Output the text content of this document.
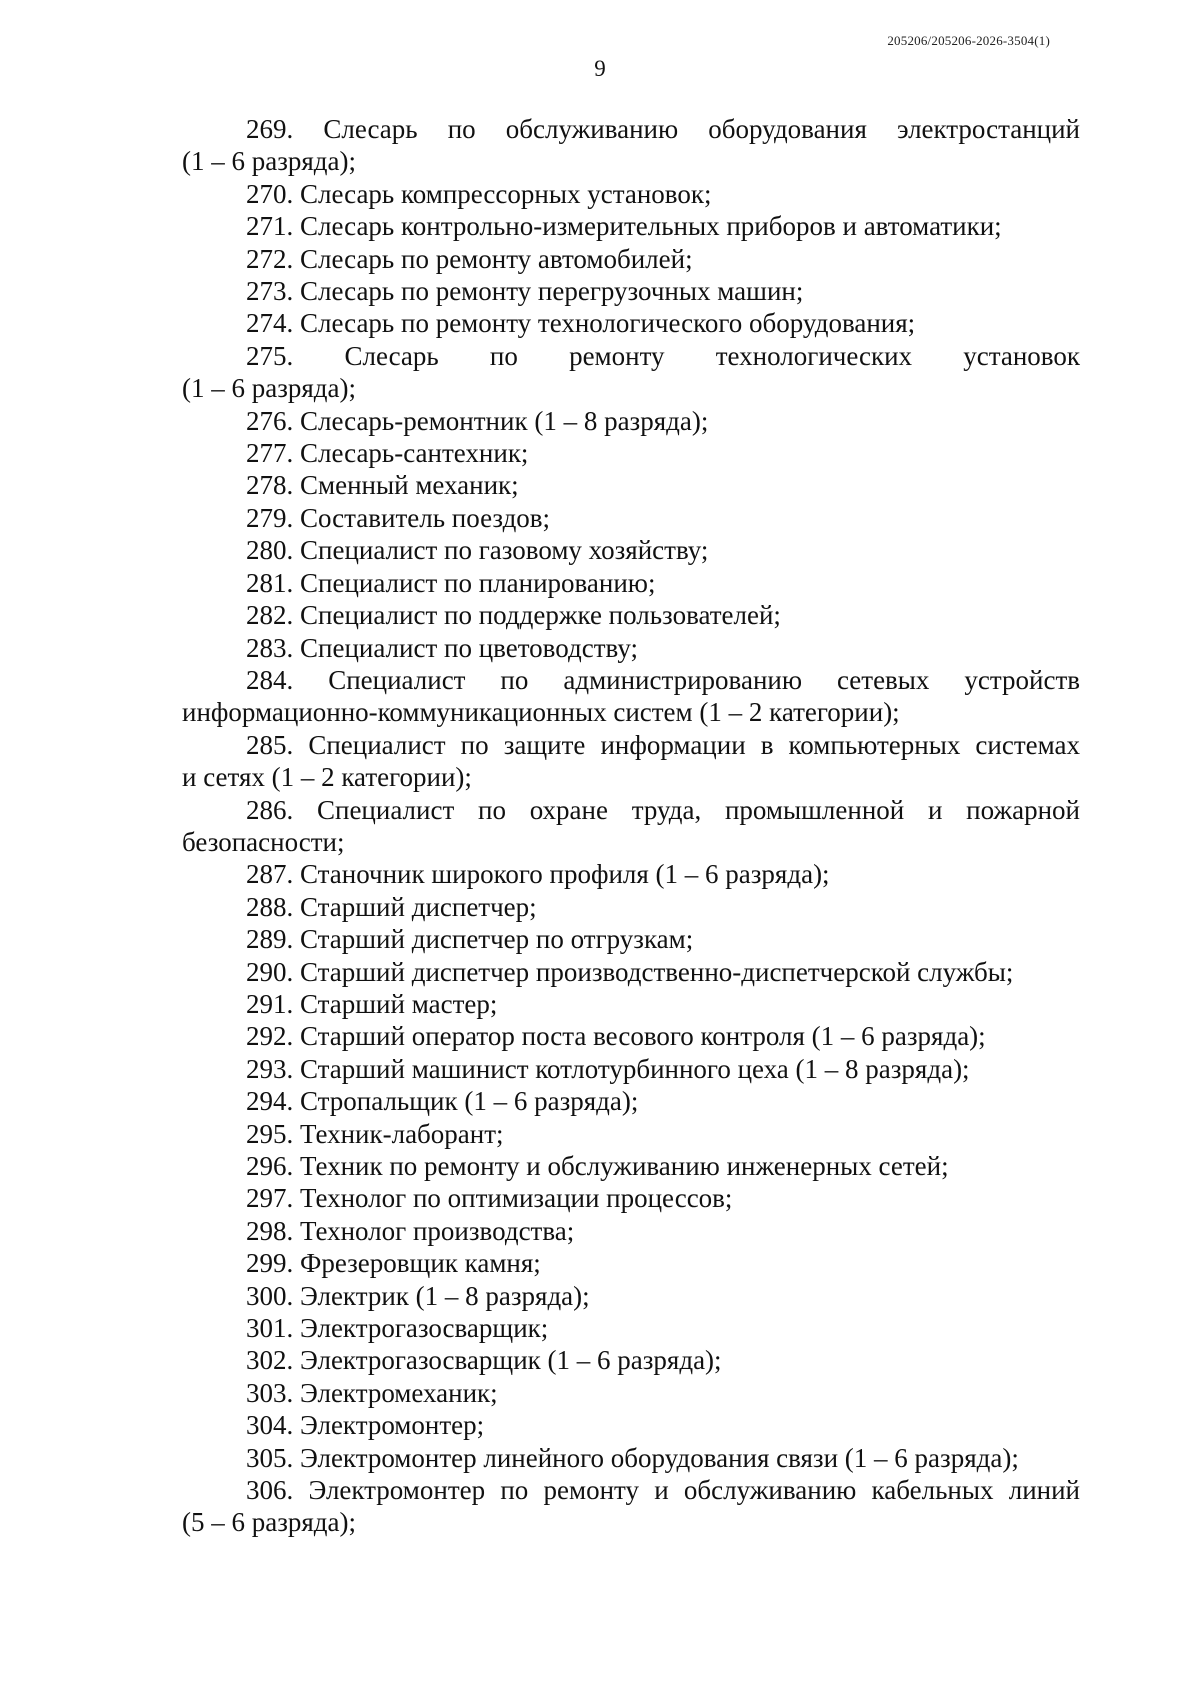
205206/205206-2026-3504(1)
9

269. Слесарь по обслуживанию оборудования электростанций

(1 – 6 разряда);

270. Слесарь компрессорных установок;

271. Слесарь контрольно-измерительных приборов и автоматики;

272. Слесарь по ремонту автомобилей;

273. Слесарь по ремонту перегрузочных машин;

274. Слесарь по ремонту технологического оборудования;

275. Слесарь по ремонту технологических установок

(1 – 6 разряда);

276. Слесарь-ремонтник (1 – 8 разряда);

277. Слесарь-сантехник;

278. Сменный механик;

279. Составитель поездов;

280. Специалист по газовому хозяйству;

281. Специалист по планированию;

282. Специалист по поддержке пользователей;

283. Специалист по цветоводству;

284. Специалист по администрированию сетевых устройств

информационно-коммуникационных систем (1 – 2 категории);

285. Специалист по защите информации в компьютерных системах

и сетях (1 – 2 категории);

286. Специалист по охране труда, промышленной и пожарной

безопасности;

287. Станочник широкого профиля (1 – 6 разряда);

288. Старший диспетчер;

289. Старший диспетчер по отгрузкам;

290. Старший диспетчер производственно-диспетчерской службы;

291. Старший мастер;

292. Старший оператор поста весового контроля (1 – 6 разряда);

293. Старший машинист котлотурбинного цеха (1 – 8 разряда);

294. Стропальщик (1 – 6 разряда);

295. Техник-лаборант;

296. Техник по ремонту и обслуживанию инженерных сетей;

297. Технолог по оптимизации процессов;

298. Технолог производства;

299. Фрезеровщик камня;

300. Электрик (1 – 8 разряда);

301. Электрогазосварщик;

302. Электрогазосварщик (1 – 6 разряда);

303. Электромеханик;

304. Электромонтер;

305. Электромонтер линейного оборудования связи (1 – 6 разряда);

306. Электромонтер по ремонту и обслуживанию кабельных линий

(5 – 6 разряда);
